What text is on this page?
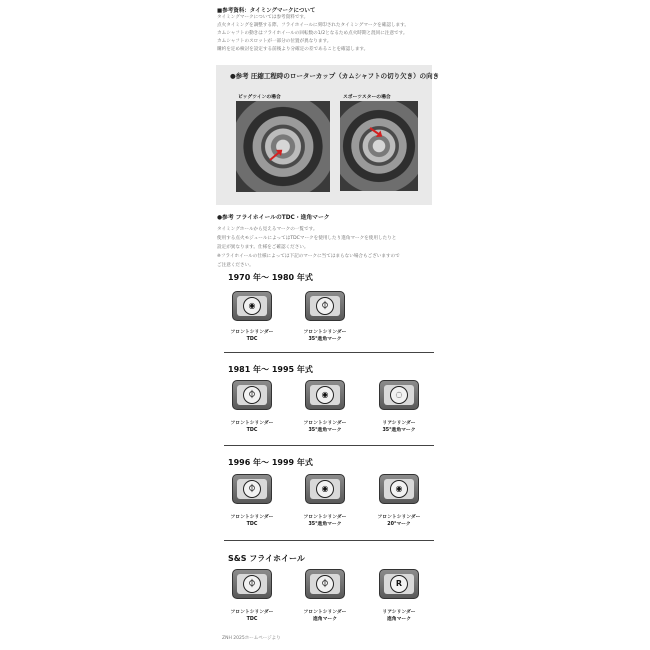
■参考資料：タイミングマークについて
タイミングマークについては参考資料です。
点火タイミングを調整する際、フライホイールに刻印されたタイミングマークを確認します。
カムシャフトの動きはフライホイールの回転数の1/2となるため点火時期と混同に注意です。
カムシャフトのスロットが一部分の位置が異なります。
購約を定め検討を設定する前後より分確定の差であることを確認します。
●参考 圧縮工程時のローターカップ（カムシャフトの切り欠き）の向き
ビッグツインの場合	スポーツスターの場合
●参考 フライホイールのTDC・進角マーク
タイミングホールから見えるマークの一覧です。
使用する点火モジュールによってはTDCマークを使用したり進角マークを使用したりと
設定が異なります。仕様をご確認ください。
※フライホイールの仕様によっては下記のマークに当てはまらない場合もございますので
ご注意ください。
1970 年～ 1980 年式
◉
フロントシリンダー
TDC
⏀
フロントシリンダー
35°進角マーク
1981 年～ 1995 年式
⏀
フロントシリンダー
TDC
◉
フロントシリンダー
35°進角マーク
◌
リアシリンダー
35°進角マーク
1996 年～ 1999 年式
⏀
フロントシリンダー
TDC
◉
フロントシリンダー
35°進角マーク
◉
フロントシリンダー
20°マーク
S&S フライホイール
⏀
フロントシリンダー
TDC
⏀
フロントシリンダー
進角マーク
R
リアシリンダー
進角マーク
ZNH 2025ホームページより
